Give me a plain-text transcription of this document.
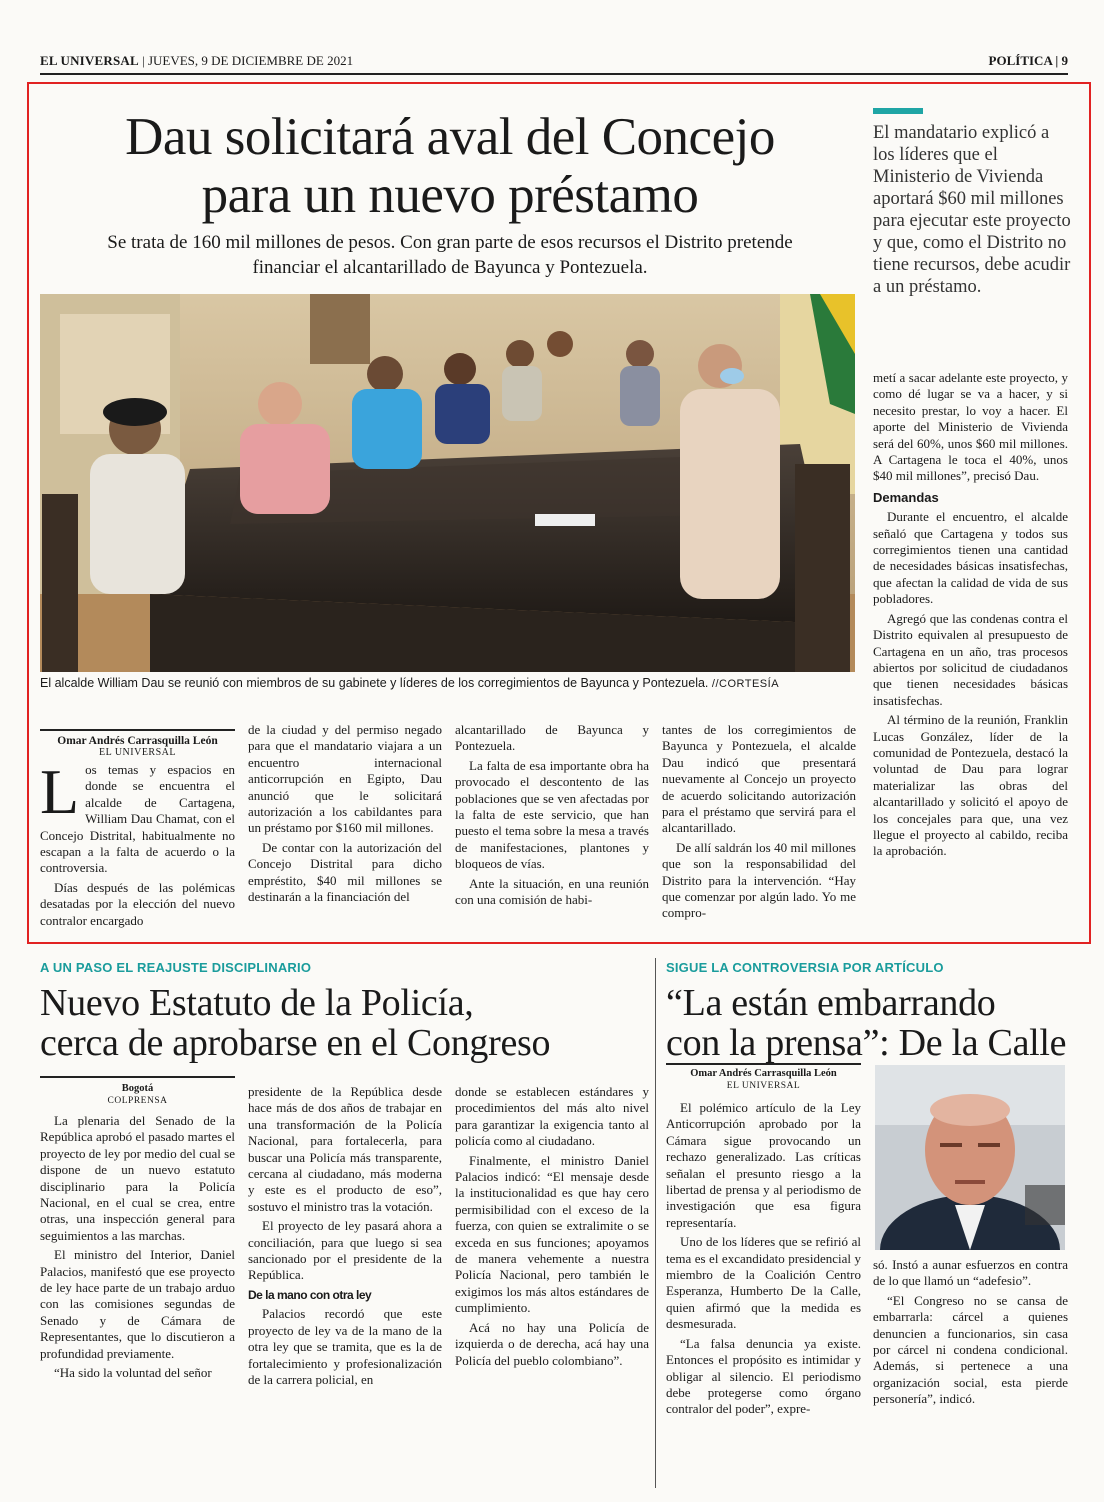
EL UNIVERSAL | JUEVES, 9 DE DICIEMBRE DE 2021	POLÍTICA | 9
Dau solicitará aval del Concejo
para un nuevo préstamo
Se trata de 160 mil millones de pesos. Con gran parte de esos recursos el Distrito pretende financiar el alcantarillado de Bayunca y Pontezuela.
El mandatario explicó a los líderes que el Ministerio de Vivienda aportará $60 mil millones para ejecutar este proyecto y que, como el Distrito no tiene recursos, debe acudir a un préstamo.
El alcalde William Dau se reunió con miembros de su gabinete y líderes de los corregimientos de Bayunca y Pontezuela. //CORTESÍA
Omar Andrés Carrasquilla León
EL UNIVERSAL

Los temas y espacios en donde se encuentra el alcalde de Cartagena, William Dau Chamat, con el Concejo Distrital, habitualmente no escapan a la falta de acuerdo o la controversia.

Días después de las polémicas desatadas por la elección del nuevo contralor encargado

de la ciudad y del permiso negado para que el mandatario viajara a un encuentro internacional anticorrupción en Egipto, Dau anunció que le solicitará autorización a los cabildantes para un préstamo por $160 mil millones.

De contar con la autorización del Concejo Distrital para dicho empréstito, $40 mil millones se destinarán a la financiación del

alcantarillado de Bayunca y Pontezuela.

La falta de esa importante obra ha provocado el descontento de las poblaciones que se ven afectadas por la falta de este servicio, que han puesto el tema sobre la mesa a través de manifestaciones, plantones y bloqueos de vías.

Ante la situación, en una reunión con una comisión de habi-

tantes de los corregimientos de Bayunca y Pontezuela, el alcalde Dau indicó que presentará nuevamente al Concejo un proyecto de acuerdo solicitando autorización para el préstamo que servirá para el alcantarillado.

De allí saldrán los 40 mil millones que son la responsabilidad del Distrito para la intervención. “Hay que comenzar por algún lado. Yo me compro-

metí a sacar adelante este proyecto, y como dé lugar se va a hacer, y si necesito prestar, lo voy a hacer. El aporte del Ministerio de Vivienda será del 60%, unos $60 mil millones. A Cartagena le toca el 40%, unos $40 mil millones”, precisó Dau.

Demandas

Durante el encuentro, el alcalde señaló que Cartagena y todos sus corregimientos tienen una cantidad de necesidades básicas insatisfechas, que afectan la calidad de vida de sus pobladores.

Agregó que las condenas contra el Distrito equivalen al presupuesto de Cartagena en un año, tras procesos abiertos por solicitud de ciudadanos que tienen necesidades básicas insatisfechas.

Al término de la reunión, Franklin Lucas González, líder de la comunidad de Pontezuela, destacó la voluntad de Dau para lograr materializar las obras del alcantarillado y solicitó el apoyo de los concejales para que, una vez llegue el proyecto al cabildo, reciba la aprobación.

A UN PASO EL REAJUSTE DISCIPLINARIO
Nuevo Estatuto de la Policía,
cerca de aprobarse en el Congreso
Bogotá
COLPRENSA

La plenaria del Senado de la República aprobó el pasado martes el proyecto de ley por medio del cual se dispone de un nuevo estatuto disciplinario para la Policía Nacional, en el cual se crea, entre otras, una inspección general para seguimientos a las marchas.

El ministro del Interior, Daniel Palacios, manifestó que ese proyecto de ley hace parte de un trabajo arduo con las comisiones segundas de Senado y de Cámara de Representantes, que lo discutieron a profundidad previamente.

“Ha sido la voluntad del señor

presidente de la República desde hace más de dos años de trabajar en una transformación de la Policía Nacional, para fortalecerla, para buscar una Policía más transparente, cercana al ciudadano, más moderna y este es el producto de eso”, sostuvo el ministro tras la votación.

El proyecto de ley pasará ahora a conciliación, para que luego si sea sancionado por el presidente de la República.

De la mano con otra ley

Palacios recordó que este proyecto de ley va de la mano de la otra ley que se tramita, que es la de fortalecimiento y profesionalización de la carrera policial, en

donde se establecen estándares y procedimientos del más alto nivel para garantizar la exigencia tanto al policía como al ciudadano.

Finalmente, el ministro Daniel Palacios indicó: “El mensaje desde la institucionalidad es que hay cero permisibilidad con el exceso de la fuerza, con quien se extralimite o se exceda en sus funciones; apoyamos de manera vehemente a nuestra Policía Nacional, pero también le exigimos los más altos estándares de cumplimiento.

Acá no hay una Policía de izquierda o de derecha, acá hay una Policía del pueblo colombiano”.

SIGUE LA CONTROVERSIA POR ARTÍCULO
“La están embarrando
con la prensa”: De la Calle
Omar Andrés Carrasquilla León
EL UNIVERSAL

El polémico artículo de la Ley Anticorrupción aprobado por la Cámara sigue provocando un rechazo generalizado. Las críticas señalan el presunto riesgo a la libertad de prensa y al periodismo de investigación que esa figura representaría.

Uno de los líderes que se refirió al tema es el excandidato presidencial y miembro de la Coalición Centro Esperanza, Humberto De la Calle, quien afirmó que la medida es desmesurada.

“La falsa denuncia ya existe. Entonces el propósito es intimidar y obligar al silencio. El periodismo debe protegerse como órgano contralor del poder”, expre-

só. Instó a aunar esfuerzos en contra de lo que llamó un “adefesio”.

“El Congreso no se cansa de embarrarla: cárcel a quienes denuncien a funcionarios, sin casa por cárcel ni condena condicional. Además, si pertenece a una organización social, esta pierde personería”, indicó.
